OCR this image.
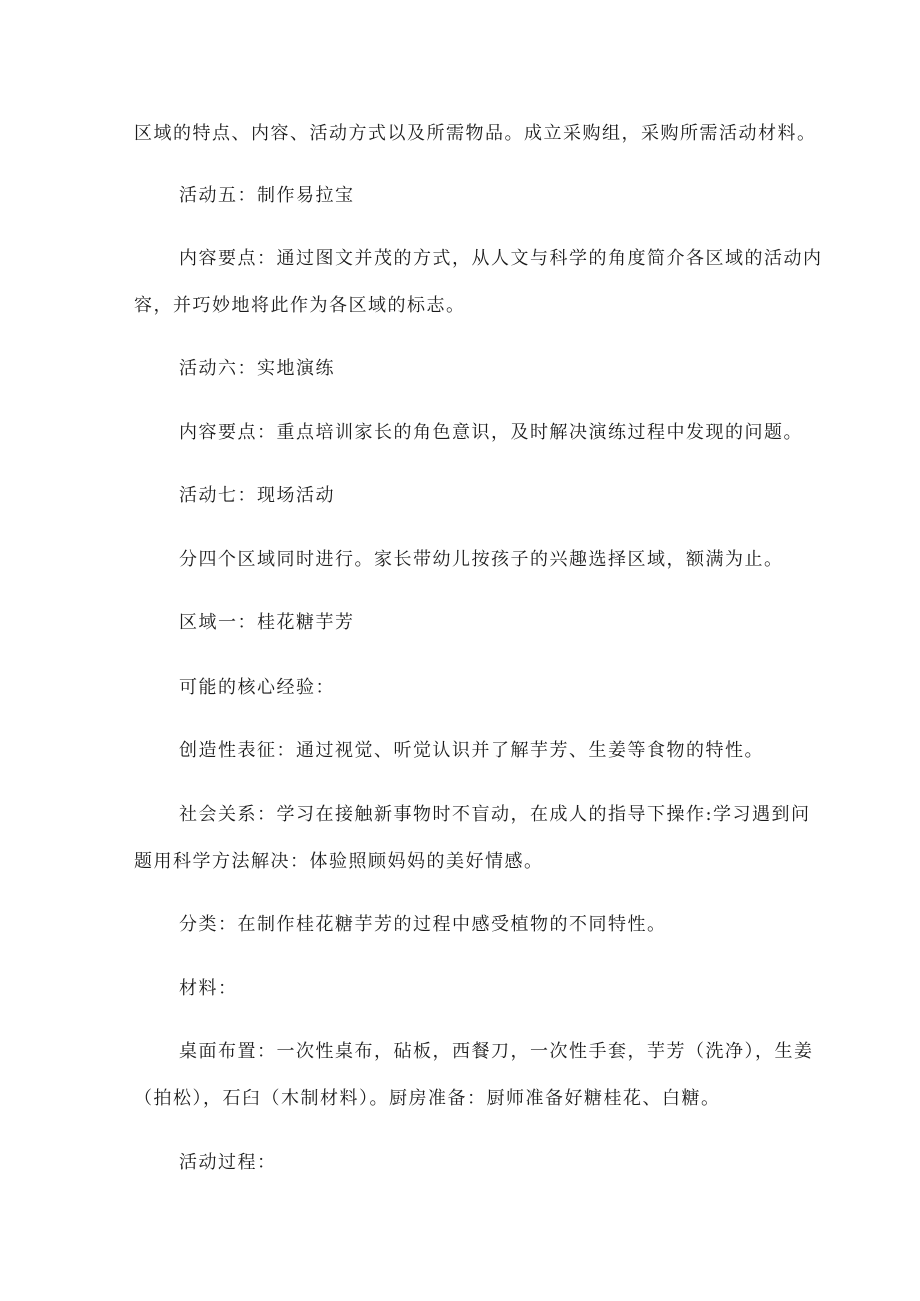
区域的特点、内容、活动方式以及所需物品。成立采购组，采购所需活动材料。

活动五：制作易拉宝

内容要点：通过图文并茂的方式，从人文与科学的角度简介各区域的活动内

容，并巧妙地将此作为各区域的标志。

活动六：实地演练

内容要点：重点培训家长的角色意识，及时解决演练过程中发现的问题。

活动七：现场活动

分四个区域同时进行。家长带幼儿按孩子的兴趣选择区域，额满为止。

区域一：桂花糖芋芳

可能的核心经验：

创造性表征：通过视觉、听觉认识并了解芋芳、生姜等食物的特性。

社会关系：学习在接触新事物时不盲动，在成人的指导下操作:学习遇到问

题用科学方法解决：体验照顾妈妈的美好情感。

分类：在制作桂花糖芋芳的过程中感受植物的不同特性。

材料：

桌面布置：一次性桌布，砧板，西餐刀，一次性手套，芋芳（洗净），生姜

（拍松），石臼（木制材料）。厨房准备：厨师准备好糖桂花、白糖。

活动过程：
